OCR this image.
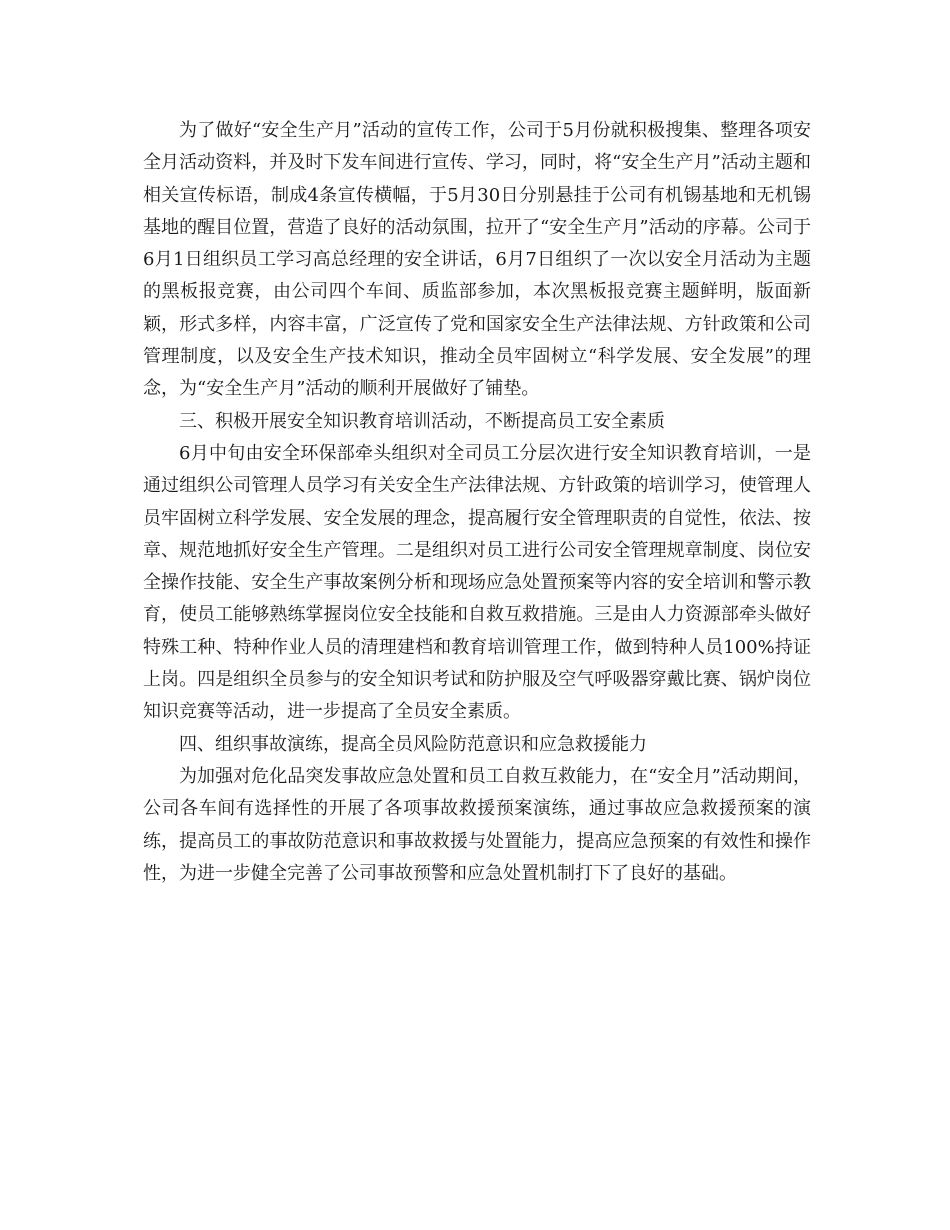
为了做好“安全生产月”活动的宣传工作，公司于5月份就积极搜集、整理各项安全月活动资料，并及时下发车间进行宣传、学习，同时，将“安全生产月”活动主题和相关宣传标语，制成4条宣传横幅，于5月30日分别悬挂于公司有机锡基地和无机锡基地的醒目位置，营造了良好的活动氛围，拉开了“安全生产月”活动的序幕。公司于6月1日组织员工学习高总经理的安全讲话，6月7日组织了一次以安全月活动为主题的黑板报竞赛，由公司四个车间、质监部参加，本次黑板报竞赛主题鲜明，版面新颖，形式多样，内容丰富，广泛宣传了党和国家安全生产法律法规、方针政策和公司管理制度，以及安全生产技术知识，推动全员牢固树立“科学发展、安全发展”的理念，为“安全生产月”活动的顺利开展做好了铺垫。

三、积极开展安全知识教育培训活动，不断提高员工安全素质

6月中旬由安全环保部牵头组织对全司员工分层次进行安全知识教育培训，一是通过组织公司管理人员学习有关安全生产法律法规、方针政策的培训学习，使管理人员牢固树立科学发展、安全发展的理念，提高履行安全管理职责的自觉性，依法、按章、规范地抓好安全生产管理。二是组织对员工进行公司安全管理规章制度、岗位安全操作技能、安全生产事故案例分析和现场应急处置预案等内容的安全培训和警示教育，使员工能够熟练掌握岗位安全技能和自救互救措施。三是由人力资源部牵头做好特殊工种、特种作业人员的清理建档和教育培训管理工作，做到特种人员100%持证上岗。四是组织全员参与的安全知识考试和防护服及空气呼吸器穿戴比赛、锅炉岗位知识竞赛等活动，进一步提高了全员安全素质。

四、组织事故演练，提高全员风险防范意识和应急救援能力

为加强对危化品突发事故应急处置和员工自救互救能力，在“安全月”活动期间，公司各车间有选择性的开展了各项事故救援预案演练，通过事故应急救援预案的演练，提高员工的事故防范意识和事故救援与处置能力，提高应急预案的有效性和操作性，为进一步健全完善了公司事故预警和应急处置机制打下了良好的基础。
